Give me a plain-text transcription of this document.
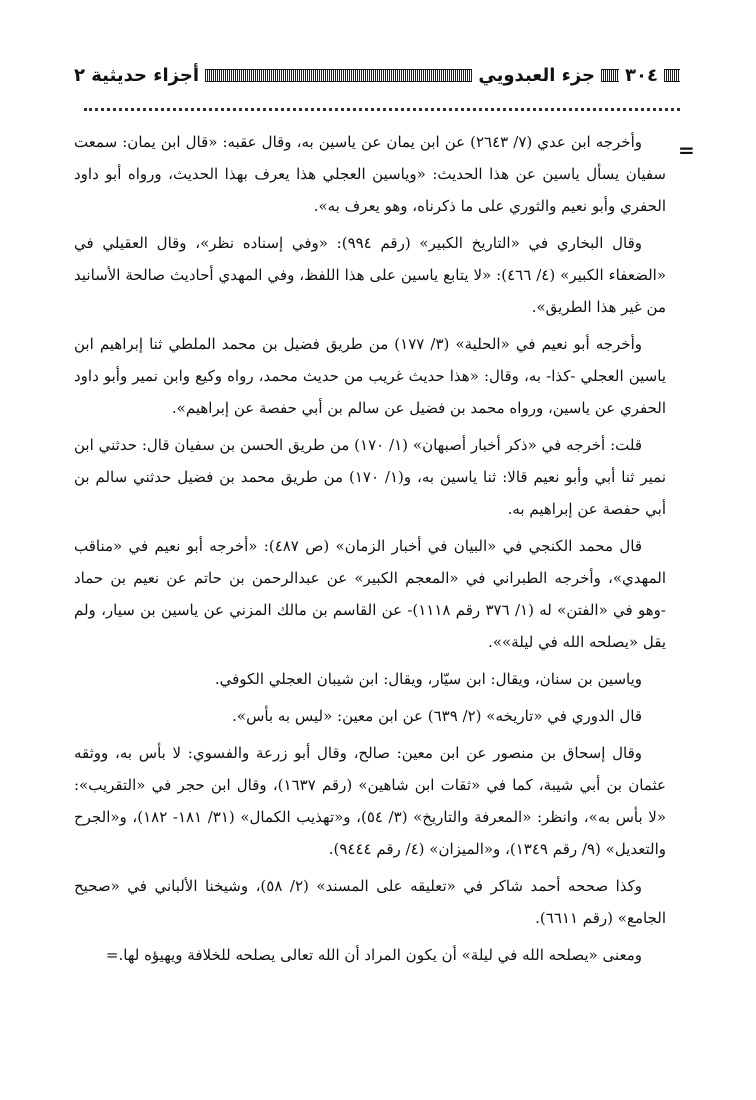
٣٠٤
جزء العبدويي
أجزاء حديثية ٢
=

وأخرجه ابن عدي (٧/ ٢٦٤٣) عن ابن يمان عن ياسين به، وقال عقبه: «قال ابن يمان: سمعت سفيان يسأل ياسين عن هذا الحديث: «وياسين العجلي هذا يعرف بهذا الحديث، ورواه أبو داود الحفري وأبو نعيم والثوري على ما ذكرناه، وهو يعرف به».

وقال البخاري في «التاريخ الكبير» (رقم ٩٩٤): «وفي إسناده نظر»، وقال العقيلي في «الضعفاء الكبير» (٤/ ٤٦٦): «لا يتابع ياسين على هذا اللفظ، وفي المهدي أحاديث صالحة الأسانيد من غير هذا الطريق».

وأخرجه أبو نعيم في «الحلية» (٣/ ١٧٧) من طريق فضيل بن محمد الملطي ثنا إبراهيم ابن ياسين العجلي -كذا- به، وقال: «هذا حديث غريب من حديث محمد، رواه وكيع وابن نمير وأبو داود الحفري عن ياسين، ورواه محمد بن فضيل عن سالم بن أبي حفصة عن إبراهيم».

قلت: أخرجه في «ذكر أخبار أصبهان» (١/ ١٧٠) من طريق الحسن بن سفيان قال: حدثني ابن نمير ثنا أبي وأبو نعيم قالا: ثنا ياسين به، و(١/ ١٧٠) من طريق محمد بن فضيل حدثني سالم بن أبي حفصة عن إبراهيم به.

قال محمد الكنجي في «البيان في أخبار الزمان» (ص ٤٨٧): «أخرجه أبو نعيم في «مناقب المهدي»، وأخرجه الطبراني في «المعجم الكبير» عن عبدالرحمن بن حاتم عن نعيم بن حماد -وهو في «الفتن» له (١/ ٣٧٦ رقم ١١١٨)- عن القاسم بن مالك المزني عن ياسين بن سيار، ولم يقل «يصلحه الله في ليلة»».

وياسين بن سنان، ويقال: ابن سيّار، ويقال: ابن شيبان العجلي الكوفي.

قال الدوري في «تاريخه» (٢/ ٦٣٩) عن ابن معين: «ليس به بأس».

وقال إسحاق بن منصور عن ابن معين: صالح، وقال أبو زرعة والفسوي: لا بأس به، ووثقه عثمان بن أبي شيبة، كما في «ثقات ابن شاهين» (رقم ١٦٣٧)، وقال ابن حجر في «التقريب»: «لا بأس به»، وانظر: «المعرفة والتاريخ» (٣/ ٥٤)، و«تهذيب الكمال» (٣١/ ١٨١- ١٨٢)، و«الجرح والتعديل» (٩/ رقم ١٣٤٩)، و«الميزان» (٤/ رقم ٩٤٤٤).

وكذا صححه أحمد شاكر في «تعليقه على المسند» (٢/ ٥٨)، وشيخنا الألباني في «صحيح الجامع» (رقم ٦٦١١).

ومعنى «يصلحه الله في ليلة» أن يكون المراد أن الله تعالى يصلحه للخلافة ويهيؤه لها.=
